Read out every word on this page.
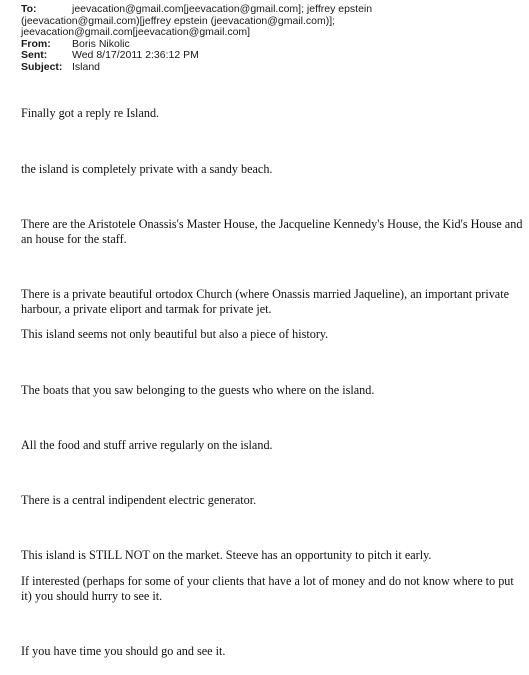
To:	jeevacation@gmail.com[jeevacation@gmail.com]; jeffrey epstein
(jeevacation@gmail.com)[jeffrey epstein (jeevacation@gmail.com)];
jeevacation@gmail.com[jeevacation@gmail.com]
From: Boris Nikolic
Sent: Wed 8/17/2011 2:36:12 PM
Subject: Island

Finally got a reply re Island.

the island is completely private with a sandy beach.

There are the Aristotele Onassis's Master House, the Jacqueline Kennedy's House, the Kid's House and an house for the staff.

There is a private beautiful ortodox Church (where Onassis married Jaqueline), an important private harbour, a private eliport and tarmak for private jet.

This island seems not only beautiful but also a piece of history.

The boats that you saw belonging to the guests who where on the island.

All the food and stuff arrive regularly on the island.

There is a central indipendent electric generator.

This island is STILL NOT on the market. Steeve has an opportunity to pitch it early.

If interested (perhaps for some of your clients that have a lot of money and do not know where to put it) you should hurry to see it.

If you have time you should go and see it.
